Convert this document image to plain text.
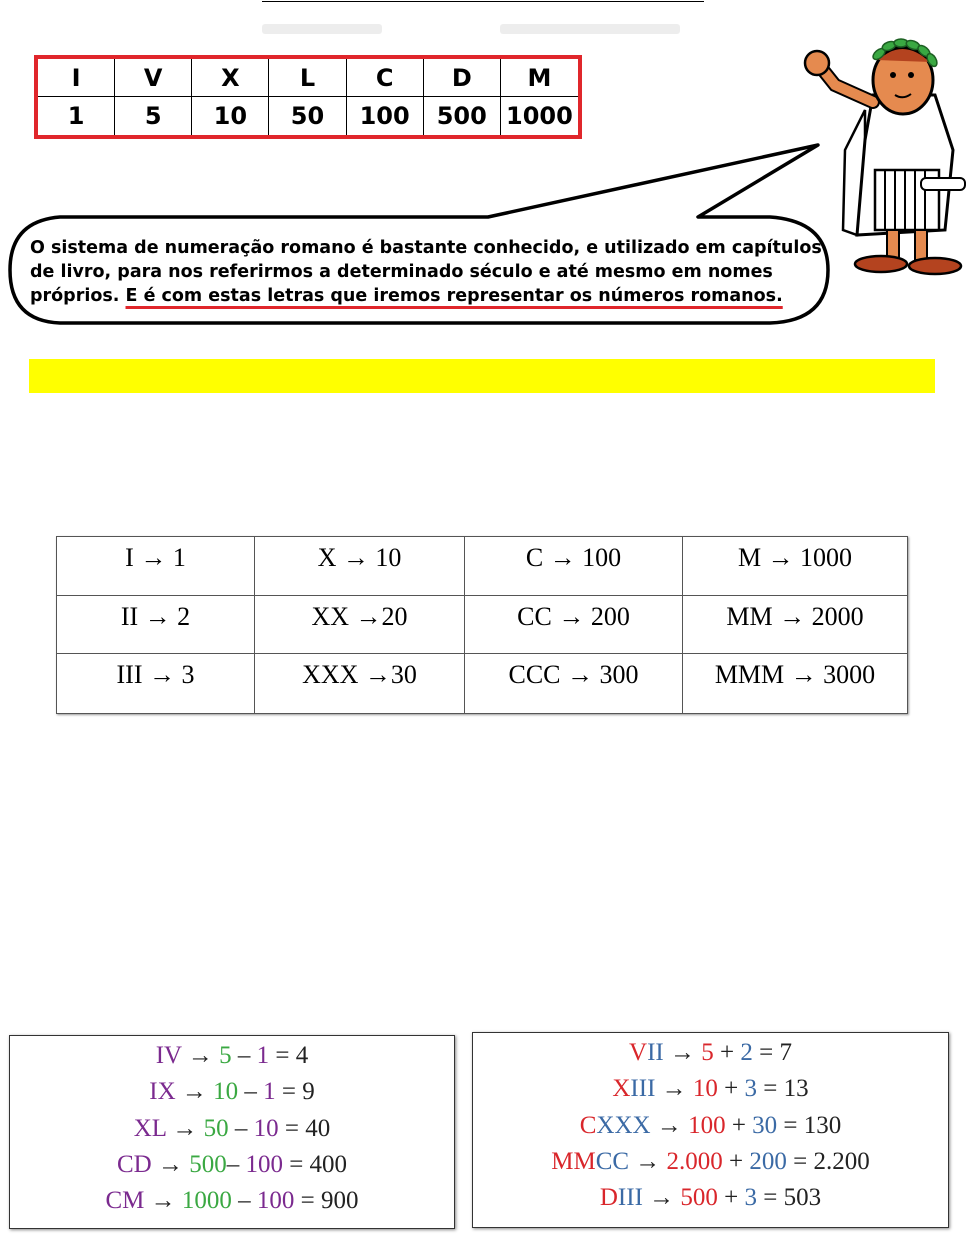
I	V	X	L	C	D	M
1	5	10	50	100	500 1000
O sistema de numeração romano é bastante conhecido, e utilizado em capítulos de livro, para nos referirmos a determinado século e até mesmo em nomes próprios. E é com estas letras que iremos representar os números romanos.
I → 1	X → 10	C → 100	M → 1000
II → 2	XX →20	CC → 200	MM → 2000
III → 3	XXX →30	CCC → 300	MMM → 3000
IV → 5 – 1 = 4
IX → 10 – 1 = 9
XL → 50 – 10 = 40
CD → 500– 100 = 400
CM → 1000 – 100 = 900
VII → 5 + 2 = 7
XIII → 10 + 3 = 13
CXXX → 100 + 30 = 130
MMCC → 2.000 + 200 = 2.200
DIII → 500 + 3 = 503
